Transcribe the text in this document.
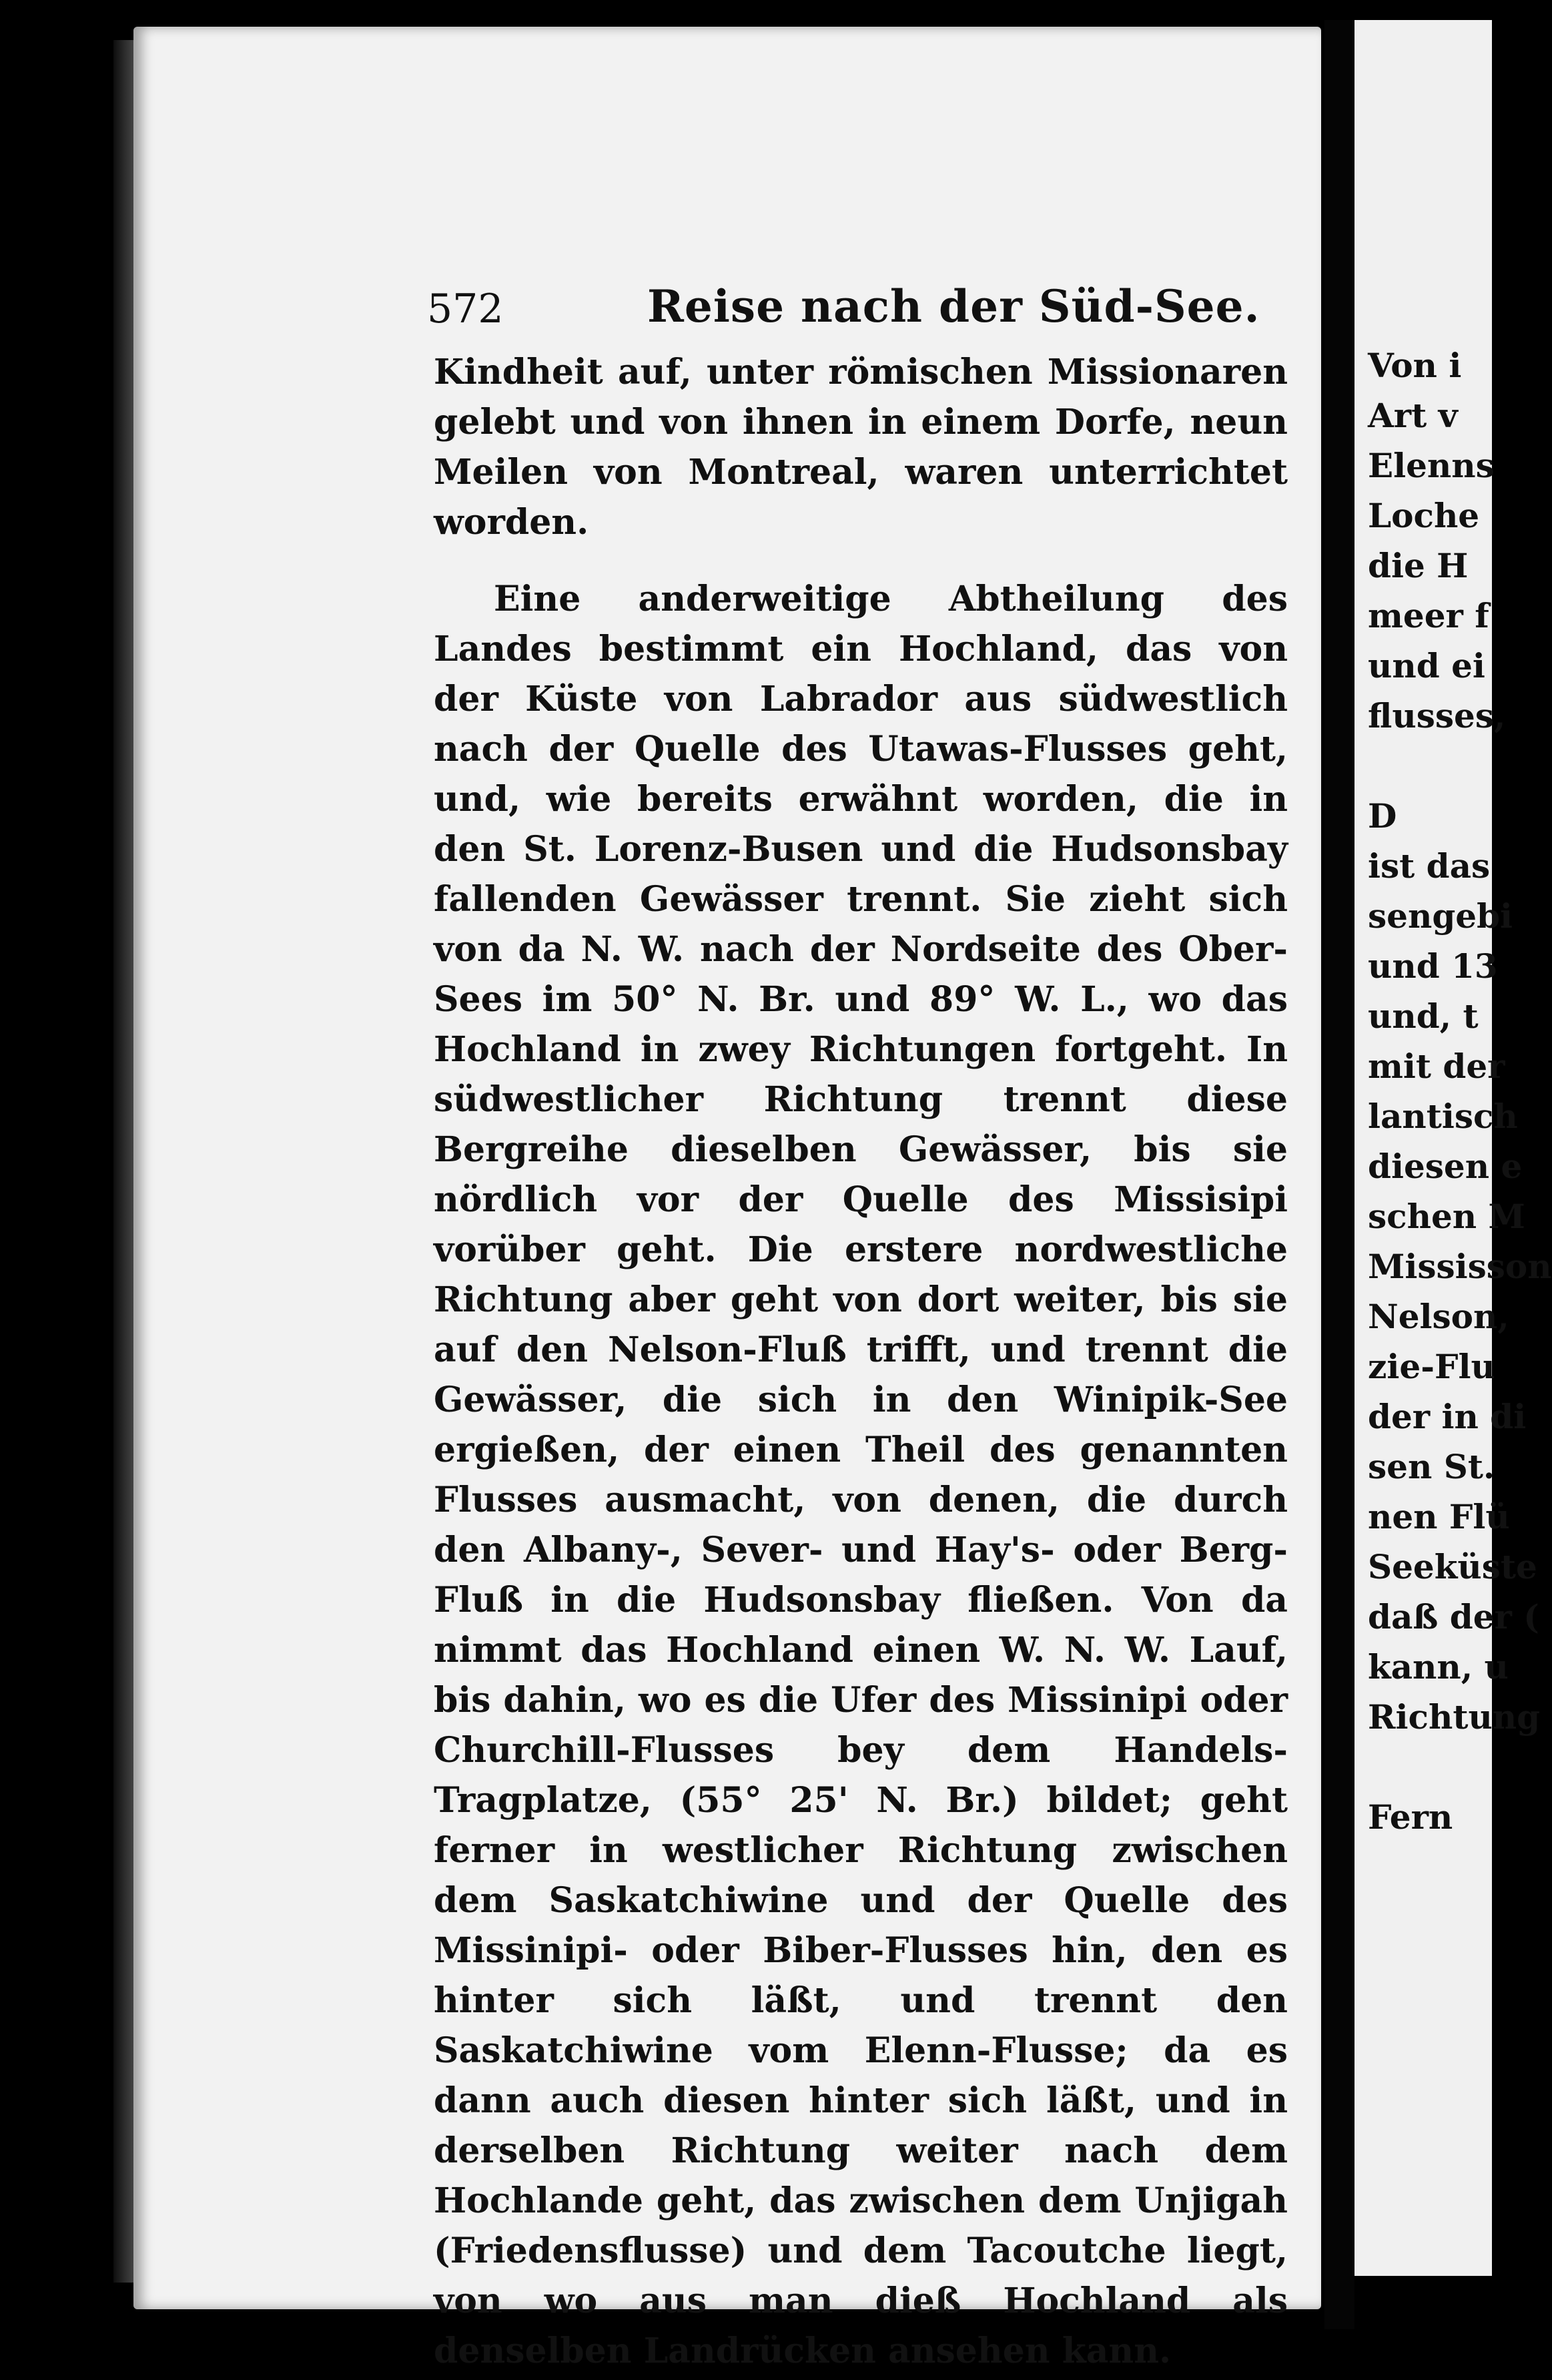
572	Reise nach der Süd-See.

Kindheit auf, unter römischen Missionaren gelebt und von ihnen in einem Dorfe, neun Meilen von Montreal, waren unterrichtet worden.

Eine anderweitige Abtheilung des Landes bestimmt ein Hochland, das von der Küste von Labrador aus südwestlich nach der Quelle des Utawas-Flusses geht, und, wie bereits erwähnt worden, die in den St. Lorenz-Busen und die Hudsonsbay fallenden Gewässer trennt. Sie zieht sich von da N. W. nach der Nordseite des Ober-Sees im 50° N. Br. und 89° W. L., wo das Hochland in zwey Richtungen fortgeht. In südwestlicher Richtung trennt diese Bergreihe dieselben Gewässer, bis sie nördlich vor der Quelle des Missisipi vorüber geht. Die erstere nordwestliche Richtung aber geht von dort weiter, bis sie auf den Nelson-Fluß trifft, und trennt die Gewässer, die sich in den Winipik-See ergießen, der einen Theil des genannten Flusses ausmacht, von denen, die durch den Albany-, Sever- und Hay's- oder Berg-Fluß in die Hudsonsbay fließen. Von da nimmt das Hochland einen W. N. W. Lauf, bis dahin, wo es die Ufer des Missinipi oder Churchill-Flusses bey dem Handels-Tragplatze, (55° 25' N. Br.) bildet; geht ferner in westlicher Richtung zwischen dem Saskatchiwine und der Quelle des Missinipi- oder Biber-Flusses hin, den es hinter sich läßt, und trennt den Saskatchiwine vom Elenn-Flusse; da es dann auch diesen hinter sich läßt, und in derselben Richtung weiter nach dem Hochlande geht, das zwischen dem Unjigah (Friedensflusse) und dem Tacoutche liegt, von wo aus man dieß Hochland als denselben Landrücken ansehen kann.

Von i
Art v
Elenns
Loche
die H
meer f
und ei
flusses,
D
ist das
sengebi
und 13
und, t
mit der
lantisch
diesen e
schen M
Mississon
Nelson,
zie-Flu
der in di
sen St.
nen Flü
Seeküste
daß der (
kann, u
Richtung
Fern
